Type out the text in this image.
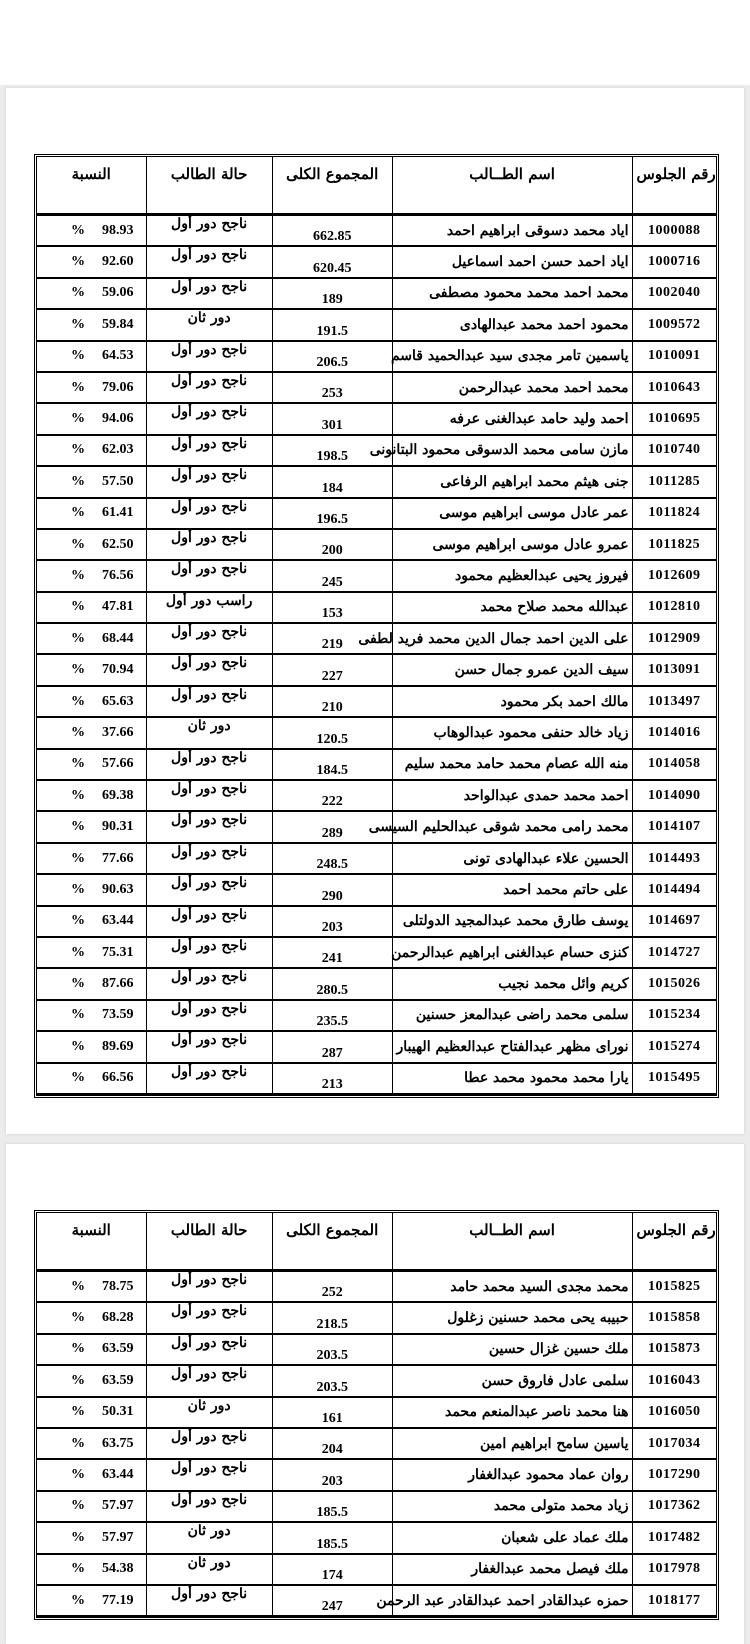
النسبة	حالة الطالب	المجموع الكلى	اسم الطــالب	رقم الجلوس

% 98.93	ناجح دور أول	662.85	اياد محمد دسوقى ابراهيم احمد	1000088

% 92.60	ناجح دور أول	620.45	اياد احمد حسن احمد اسماعيل	1000716

% 59.06	ناجح دور أول	189	محمد احمد محمد محمود مصطفى	1002040

% 59.84	دور ثان	191.5	محمود احمد محمد عبدالهادى	1009572

% 64.53	ناجح دور أول	206.5	ياسمين تامر مجدى سيد عبدالحميد قاسم	1010091

% 79.06	ناجح دور أول	253	محمد احمد محمد عبدالرحمن	1010643

% 94.06	ناجح دور أول	301	احمد وليد حامد عبدالغنى عرفه	1010695

% 62.03	ناجح دور أول	198.5	مازن سامى محمد الدسوقى محمود البتانونى	1010740

% 57.50	ناجح دور أول	184	جنى هيثم محمد ابراهيم الرفاعى	1011285

% 61.41	ناجح دور أول	196.5	عمر عادل موسى ابراهيم موسى	1011824

% 62.50	ناجح دور أول	200	عمرو عادل موسى ابراهيم موسى	1011825

% 76.56	ناجح دور أول	245	فيروز يحيى عبدالعظيم محمود	1012609

% 47.81	راسب دور أول	153	عبدالله محمد صلاح محمد	1012810

% 68.44	ناجح دور أول	219	على الدين احمد جمال الدين محمد فريد لطفى	1012909

% 70.94	ناجح دور أول	227	سيف الدين عمرو جمال حسن	1013091

% 65.63	ناجح دور أول	210	مالك احمد بكر محمود	1013497

% 37.66	دور ثان	120.5	زياد خالد حنفى محمود عبدالوهاب	1014016

% 57.66	ناجح دور أول	184.5	منه الله عصام محمد حامد محمد سليم	1014058

% 69.38	ناجح دور أول	222	احمد محمد حمدى عبدالواحد	1014090

% 90.31	ناجح دور أول	289	محمد رامى محمد شوقى عبدالحليم السيسى	1014107

% 77.66	ناجح دور أول	248.5	الحسين علاء عبدالهادى تونى	1014493

% 90.63	ناجح دور أول	290	على حاتم محمد احمد	1014494

% 63.44	ناجح دور أول	203	يوسف طارق محمد عبدالمجيد الدولتلى	1014697

% 75.31	ناجح دور أول	241	كنزى حسام عبدالغنى ابراهيم عبدالرحمن	1014727

% 87.66	ناجح دور أول	280.5	كريم وائل محمد نجيب	1015026

% 73.59	ناجح دور أول	235.5	سلمى محمد راضى عبدالمعز حسنين	1015234

% 89.69	ناجح دور أول	287	نوراى مظهر عبدالفتاح عبدالعظيم الهيبار	1015274

% 66.56	ناجح دور أول	213	يارا محمد محمود محمد عطا	1015495
النسبة	حالة الطالب	المجموع الكلى	اسم الطــالب	رقم الجلوس

% 78.75	ناجح دور أول	252	محمد مجدى السيد محمد حامد	1015825

% 68.28	ناجح دور أول	218.5	حبيبه يحى محمد حسنين زغلول	1015858

% 63.59	ناجح دور أول	203.5	ملك حسين غزال حسين	1015873

% 63.59	ناجح دور أول	203.5	سلمى عادل فاروق حسن	1016043

% 50.31	دور ثان	161	هنا محمد ناصر عبدالمنعم محمد	1016050

% 63.75	ناجح دور أول	204	ياسين سامح ابراهيم امين	1017034

% 63.44	ناجح دور أول	203	روان عماد محمود عبدالغفار	1017290

% 57.97	ناجح دور أول	185.5	زياد محمد متولى محمد	1017362

% 57.97	دور ثان	185.5	ملك عماد على شعبان	1017482

% 54.38	دور ثان	174	ملك فيصل محمد عبدالغفار	1017978

% 77.19	ناجح دور أول	247	حمزه عبدالقادر احمد عبدالقادر عبد الرحمن	1018177
